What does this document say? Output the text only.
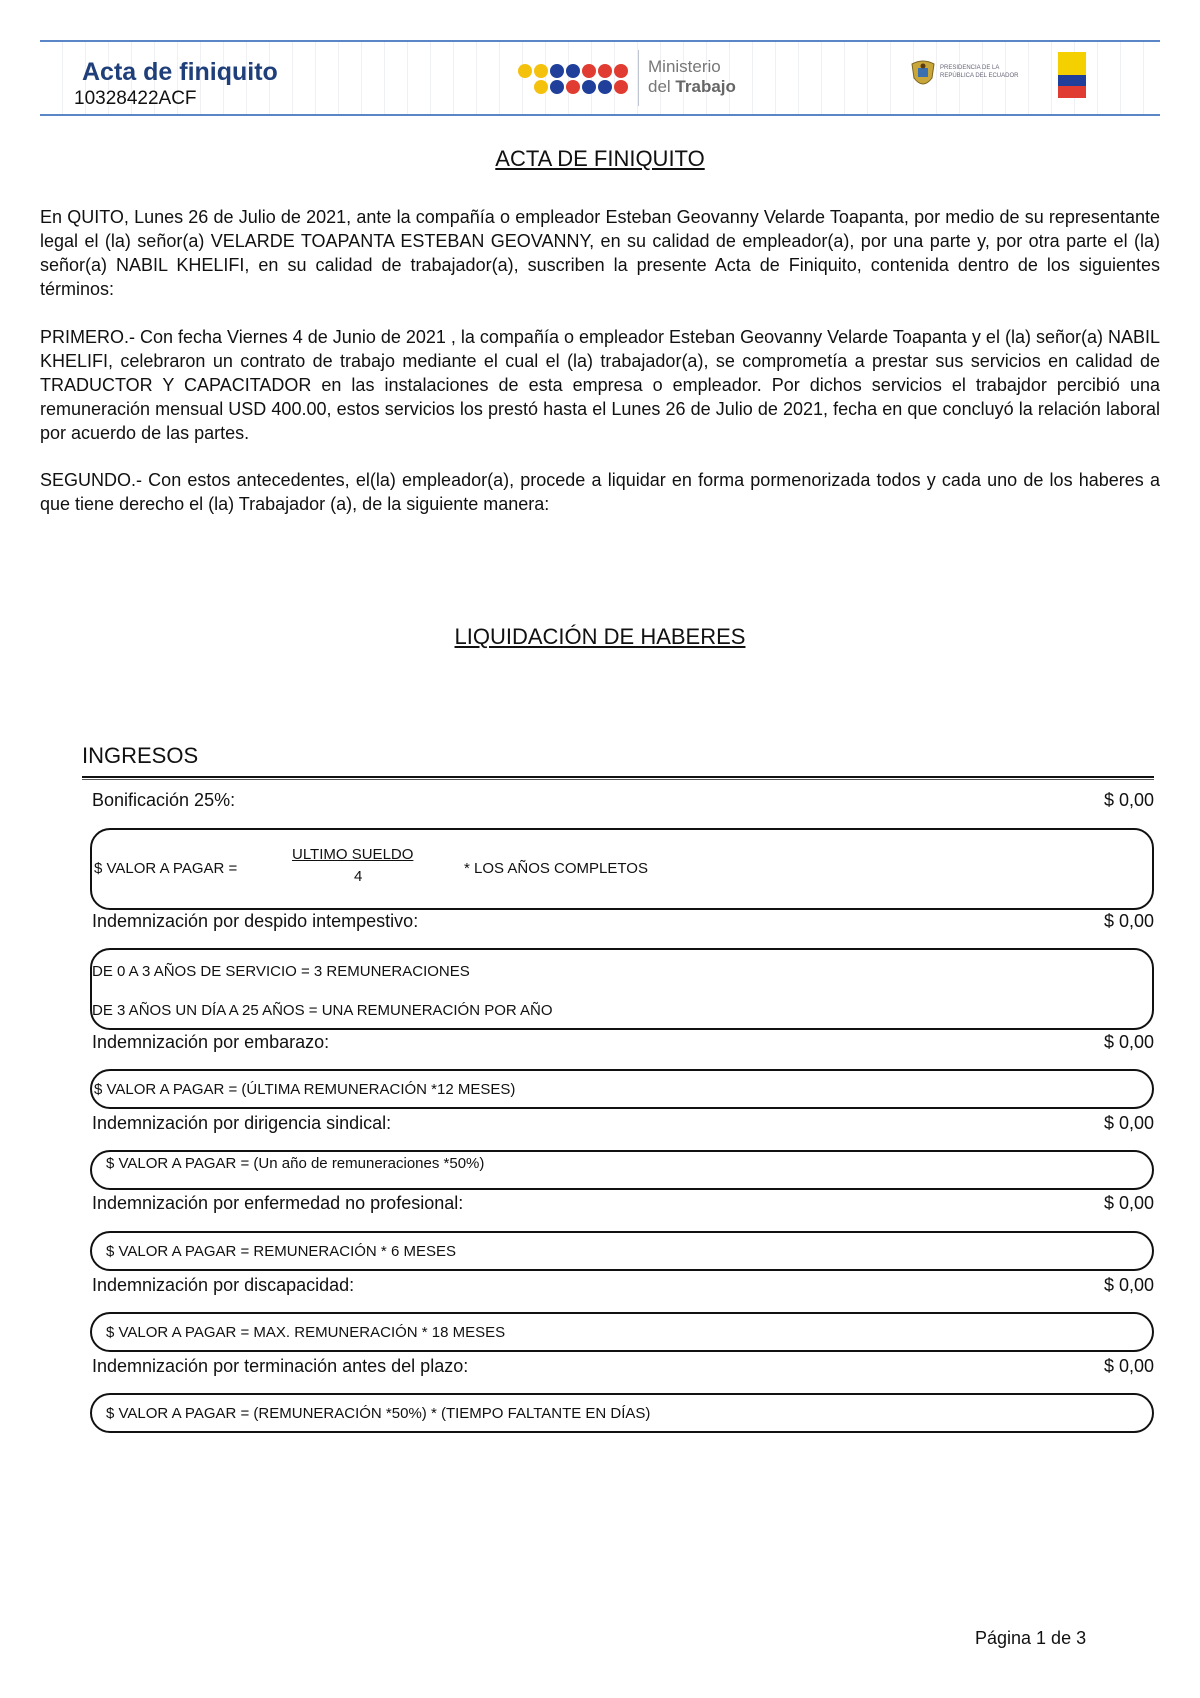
Acta de finiquito
10328422ACF
Ministerio
del Trabajo
PRESIDENCIA DE LA REPÚBLICA DEL ECUADOR
ACTA DE FINIQUITO
En QUITO, Lunes 26 de Julio de 2021, ante la compañía o empleador Esteban Geovanny Velarde Toapanta, por medio de su representante legal el (la) señor(a) VELARDE TOAPANTA ESTEBAN GEOVANNY, en su calidad de empleador(a), por una parte y, por otra parte el (la) señor(a) NABIL KHELIFI, en su calidad de trabajador(a), suscriben la presente Acta de Finiquito, contenida dentro de los siguientes términos:
PRIMERO.- Con fecha Viernes 4 de Junio de 2021 , la compañía o empleador Esteban Geovanny Velarde Toapanta y el (la) señor(a) NABIL KHELIFI, celebraron un contrato de trabajo mediante el cual el (la) trabajador(a), se comprometía a prestar sus servicios en calidad de TRADUCTOR Y CAPACITADOR en las instalaciones de esta empresa o empleador. Por dichos servicios el trabajdor percibió una remuneración mensual USD 400.00, estos servicios los prestó hasta el Lunes 26 de Julio de 2021, fecha en que concluyó la relación laboral por acuerdo de las partes.
SEGUNDO.- Con estos antecedentes, el(la) empleador(a), procede a liquidar en forma pormenorizada todos y cada uno de los haberes a que tiene derecho el (la) Trabajador (a), de la siguiente manera:
LIQUIDACIÓN DE HABERES
INGRESOS
Bonificación 25%:	$ 0,00
$ VALOR A PAGAR =
ULTIMO SUELDO
4	* LOS AÑOS COMPLETOS
Indemnización por despido intempestivo:	$ 0,00
DE 0 A 3 AÑOS DE SERVICIO = 3 REMUNERACIONES
DE 3 AÑOS UN DÍA A 25 AÑOS = UNA REMUNERACIÓN POR AÑO
Indemnización por embarazo:	$ 0,00
$ VALOR A PAGAR = (ÚLTIMA REMUNERACIÓN *12 MESES)
Indemnización por dirigencia sindical:	$ 0,00
$ VALOR A PAGAR = (Un año de remuneraciones *50%)
Indemnización por enfermedad no profesional:	$ 0,00
$ VALOR A PAGAR = REMUNERACIÓN * 6 MESES
Indemnización por discapacidad:	$ 0,00
$ VALOR A PAGAR = MAX. REMUNERACIÓN * 18 MESES
Indemnización por terminación antes del plazo:	$ 0,00
$ VALOR A PAGAR = (REMUNERACIÓN *50%) * (TIEMPO FALTANTE EN DÍAS)
Página 1 de 3
